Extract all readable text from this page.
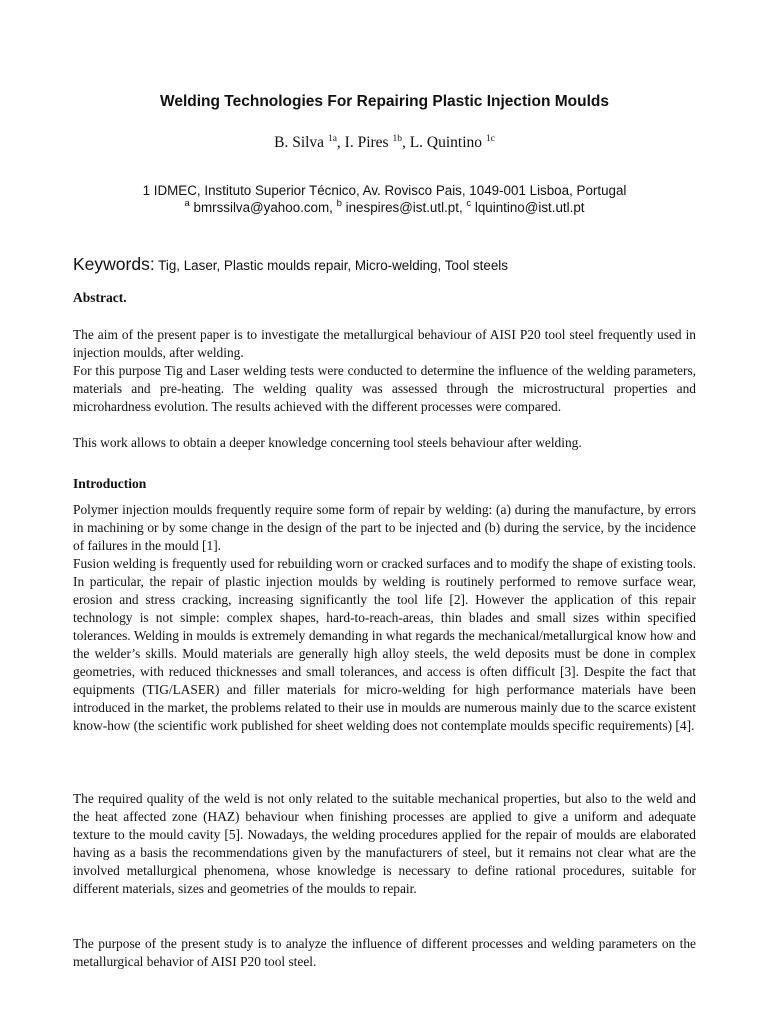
Welding Technologies For Repairing Plastic Injection Moulds
B. Silva $^{1a}$, I. Pires $^{1b}$, L. Quintino $^{1c}$
1 IDMEC, Instituto Superior Técnico, Av. Rovisco Pais, 1049-001 Lisboa, Portugal
$^a$ bmrssilva@yahoo.com, $^b$ inespires@ist.utl.pt, $^c$ lquintino@ist.utl.pt
Keywords: Tig, Laser, Plastic moulds repair, Micro-welding, Tool steels
Abstract.

The aim of the present paper is to investigate the metallurgical behaviour of AISI P20 tool steel frequently used in injection moulds, after welding.

For this purpose Tig and Laser welding tests were conducted to determine the influence of the welding parameters, materials and pre-heating. The welding quality was assessed through the microstructural properties and microhardness evolution. The results achieved with the different processes were compared.

This work allows to obtain a deeper knowledge concerning tool steels behaviour after welding.

Introduction

Polymer injection moulds frequently require some form of repair by welding: (a) during the manufacture, by errors in machining or by some change in the design of the part to be injected and (b) during the service, by the incidence of failures in the mould [1].

Fusion welding is frequently used for rebuilding worn or cracked surfaces and to modify the shape of existing tools. In particular, the repair of plastic injection moulds by welding is routinely performed to remove surface wear, erosion and stress cracking, increasing significantly the tool life [2]. However the application of this repair technology is not simple: complex shapes, hard-to-reach-areas, thin blades and small sizes within specified tolerances. Welding in moulds is extremely demanding in what regards the mechanical/metallurgical know how and the welder’s skills. Mould materials are generally high alloy steels, the weld deposits must be done in complex geometries, with reduced thicknesses and small tolerances, and access is often difficult [3]. Despite the fact that equipments (TIG/LASER) and filler materials for micro-welding for high performance materials have been introduced in the market, the problems related to their use in moulds are numerous mainly due to the scarce existent know-how (the scientific work published for sheet welding does not contemplate moulds specific requirements) [4].

The required quality of the weld is not only related to the suitable mechanical properties, but also to the weld and the heat affected zone (HAZ) behaviour when finishing processes are applied to give a uniform and adequate texture to the mould cavity [5]. Nowadays, the welding procedures applied for the repair of moulds are elaborated having as a basis the recommendations given by the manufacturers of steel, but it remains not clear what are the involved metallurgical phenomena, whose knowledge is necessary to define rational procedures, suitable for different materials, sizes and geometries of the moulds to repair.

The purpose of the present study is to analyze the influence of different processes and welding parameters on the metallurgical behavior of AISI P20 tool steel.
